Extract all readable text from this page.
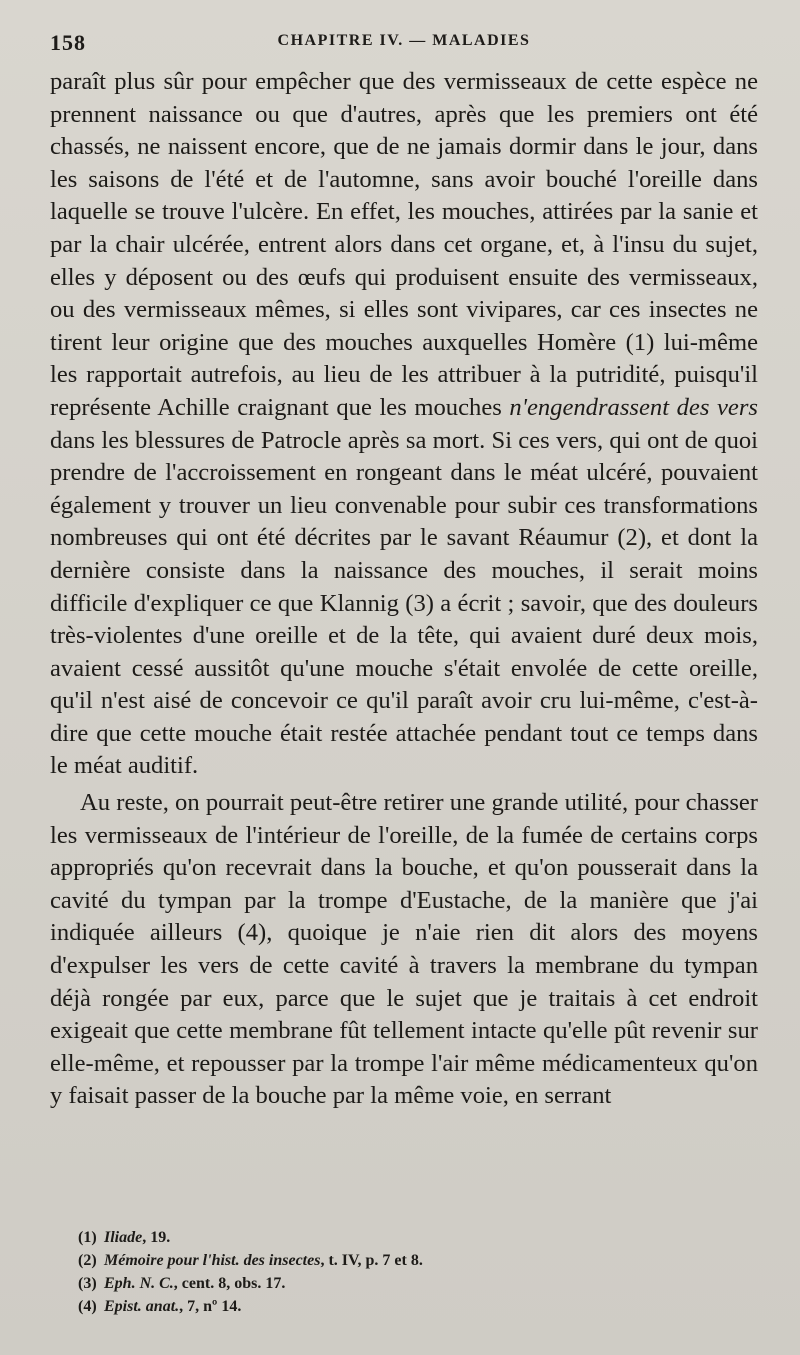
158	CHAPITRE IV. — MALADIES

paraît plus sûr pour empêcher que des vermisseaux de cette espèce ne prennent naissance ou que d'autres, après que les premiers ont été chassés, ne naissent encore, que de ne jamais dormir dans le jour, dans les saisons de l'été et de l'automne, sans avoir bouché l'oreille dans laquelle se trouve l'ulcère. En effet, les mouches, attirées par la sanie et par la chair ulcérée, entrent alors dans cet organe, et, à l'insu du sujet, elles y déposent ou des œufs qui produisent ensuite des vermisseaux, ou des vermisseaux mêmes, si elles sont vivipares, car ces insectes ne tirent leur origine que des mouches auxquelles Homère (1) lui-même les rapportait autrefois, au lieu de les attribuer à la putridité, puisqu'il représente Achille craignant que les mouches n'engendrassent des vers dans les blessures de Patrocle après sa mort. Si ces vers, qui ont de quoi prendre de l'accroissement en rongeant dans le méat ulcéré, pouvaient également y trouver un lieu convenable pour subir ces transformations nombreuses qui ont été décrites par le savant Réaumur (2), et dont la dernière consiste dans la naissance des mouches, il serait moins difficile d'expliquer ce que Klannig (3) a écrit ; savoir, que des douleurs très-violentes d'une oreille et de la tête, qui avaient duré deux mois, avaient cessé aussitôt qu'une mouche s'était envolée de cette oreille, qu'il n'est aisé de concevoir ce qu'il paraît avoir cru lui-même, c'est-à-dire que cette mouche était restée attachée pendant tout ce temps dans le méat auditif.

Au reste, on pourrait peut-être retirer une grande utilité, pour chasser les vermisseaux de l'intérieur de l'oreille, de la fumée de certains corps appropriés qu'on recevrait dans la bouche, et qu'on pousserait dans la cavité du tympan par la trompe d'Eustache, de la manière que j'ai indiquée ailleurs (4), quoique je n'aie rien dit alors des moyens d'expulser les vers de cette cavité à travers la membrane du tympan déjà rongée par eux, parce que le sujet que je traitais à cet endroit exigeait que cette membrane fût tellement intacte qu'elle pût revenir sur elle-même, et repousser par la trompe l'air même médicamenteux qu'on y faisait passer de la bouche par la même voie, en serrant

(1) Iliade, 19.
(2) Mémoire pour l'hist. des insectes, t. IV, p. 7 et 8.
(3) Eph. N. C., cent. 8, obs. 17.
(4) Epist. anat., 7, nº 14.
